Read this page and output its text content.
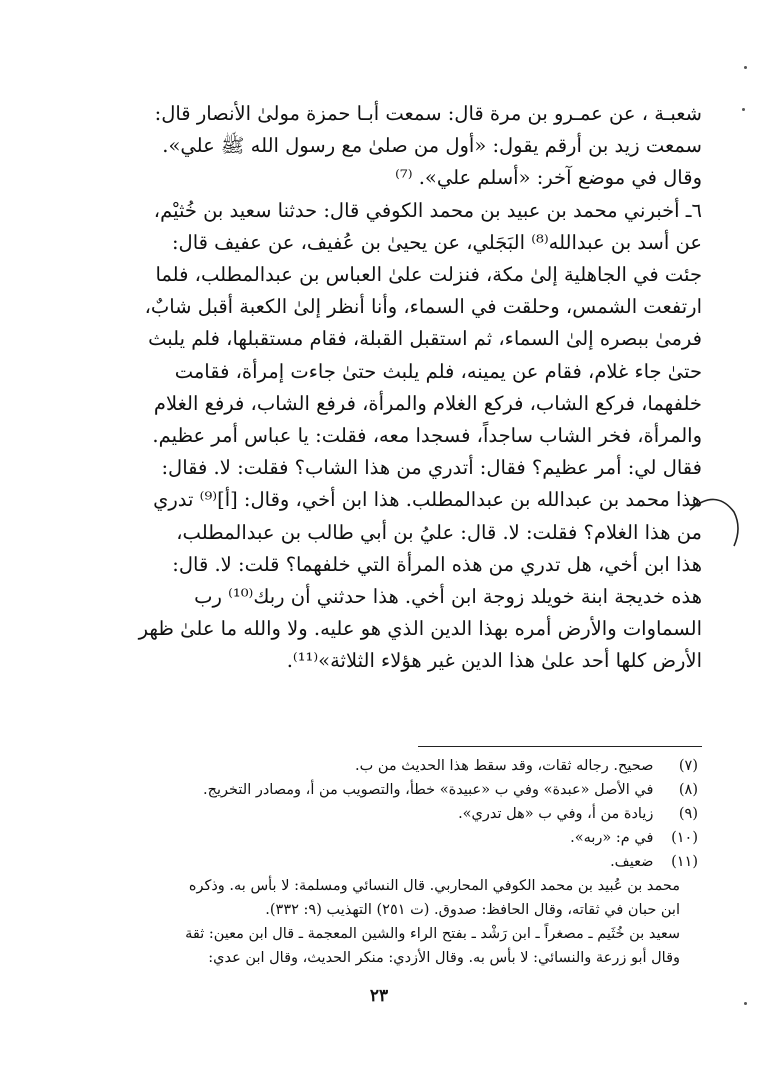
شعبـة ، عن عمـرو بن مرة قال: سمعت أبـا حمزة مولىٰ الأنصار قال:
سمعت زيد بن أرقم يقول: «أول من صلىٰ مع رسول الله ﷺ علي».
وقال في موضع آخر: «أسلم علي». ⁽⁷⁾
٦ـ أخبرني محمد بن عبيد بن محمد الكوفي قال: حدثنا سعيد بن خُثيْم،
عن أسد بن عبدالله⁽⁸⁾ البَجَلي، عن يحيىٰ بن عُفيف، عن عفيف قال:
جئت في الجاهلية إلىٰ مكة، فنزلت علىٰ العباس بن عبدالمطلب، فلما
ارتفعت الشمس، وحلقت في السماء، وأنا أنظر إلىٰ الكعبة أقبل شابٌ،
فرمىٰ ببصره إلىٰ السماء، ثم استقبل القبلة، فقام مستقبلها، فلم يلبث
حتىٰ جاء غلام، فقام عن يمينه، فلم يلبث حتىٰ جاءت إمرأة، فقامت
خلفهما، فركع الشاب، فركع الغلام والمرأة، فرفع الشاب، فرفع الغلام
والمرأة، فخر الشاب ساجداً، فسجدا معه، فقلت: يا عباس أمر عظيم.
فقال لي: أمر عظيم؟ فقال: أتدري من هذا الشاب؟ فقلت: لا. فقال:
هذا محمد بن عبدالله بن عبدالمطلب. هذا ابن أخي، وقال: [أ]⁽⁹⁾ تدري
من هذا الغلام؟ فقلت: لا. قال: عليُ بن أبي طالب بن عبدالمطلب،
هذا ابن أخي، هل تدري من هذه المرأة التي خلفهما؟ قلت: لا. قال:
هذه خديجة ابنة خويلد زوجة ابن أخي. هذا حدثني أن ربك⁽¹⁰⁾ رب
السماوات والأرض أمره بهذا الدين الذي هو عليه. ولا والله ما علىٰ ظهر
الأرض كلها أحد علىٰ هذا الدين غير هؤلاء الثلاثة»⁽¹¹⁾.
(٧) صحيح. رجاله ثقات، وقد سقط هذا الحديث من ب.
(٨) في الأصل «عبدة» وفي ب «عبيدة» خطأ، والتصويب من أ، ومصادر التخريج.
(٩) زيادة من أ، وفي ب «هل تدري».
(١٠) في م: «ربه».
(١١) ضعيف.
محمد بن عُبيد بن محمد الكوفي المحاربي. قال النسائي ومسلمة: لا بأس به. وذكره
ابن حبان في ثقاته، وقال الحافظ: صدوق. (ت ٢٥١) التهذيب (٩: ٣٣٢).
سعيد بن خُثَيم ـ مصغراً ـ ابن رَشْد ـ بفتح الراء والشين المعجمة ـ قال ابن معين: ثقة
وقال أبو زرعة والنسائي: لا بأس به. وقال الأزدي: منكر الحديث، وقال ابن عدي:
٢٣
